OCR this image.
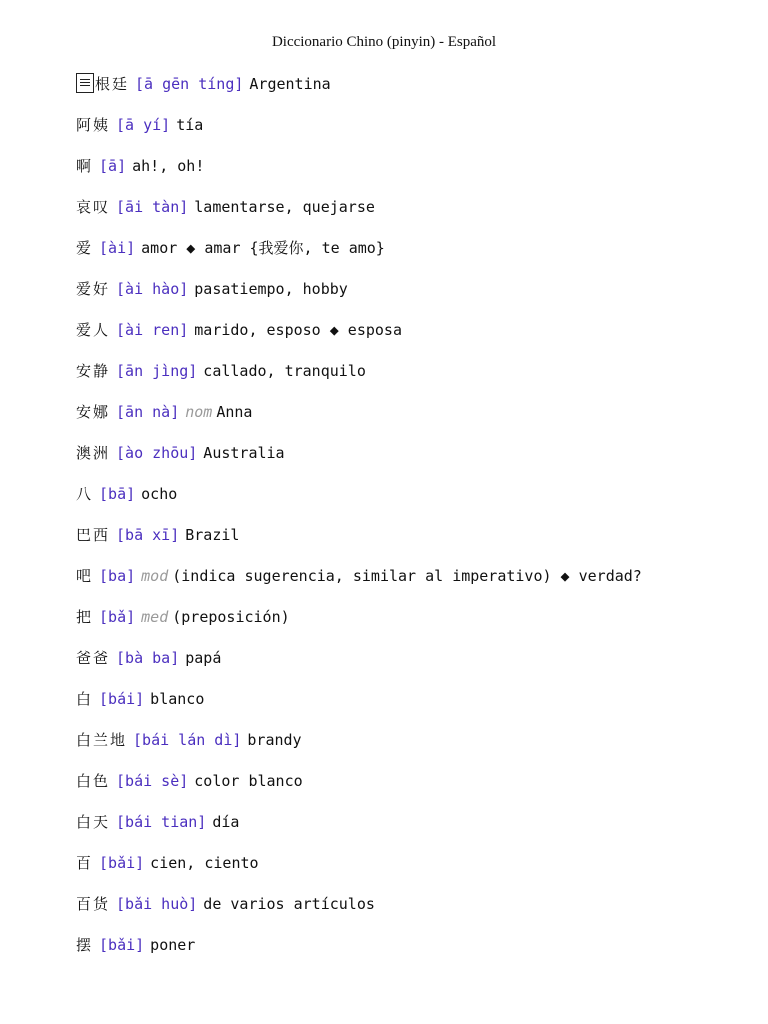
Diccionario Chino (pinyin) - Español
根廷 [ā gēn tíng] Argentina
阿姨 [ā yí] tía
啊 [ā] ah!, oh!
哀叹 [āi tàn] lamentarse, quejarse
爱 [ài] amor ◆ amar {我爱你, te amo}
爱好 [ài hào] pasatiempo, hobby
爱人 [ài ren] marido, esposo ◆ esposa
安静 [ān jìng] callado, tranquilo
安娜 [ān nà] nom Anna
澳洲 [ào zhōu] Australia
八 [bā] ocho
巴西 [bā xī] Brazil
吧 [ba] mod (indica sugerencia, similar al imperativo) ◆ verdad?
把 [bǎ] med (preposición)
爸爸 [bà ba] papá
白 [bái] blanco
白兰地 [bái lán dì] brandy
白色 [bái sè] color blanco
白天 [bái tian] día
百 [bǎi] cien, ciento
百货 [bǎi huò] de varios artículos
摆 [bǎi] poner
